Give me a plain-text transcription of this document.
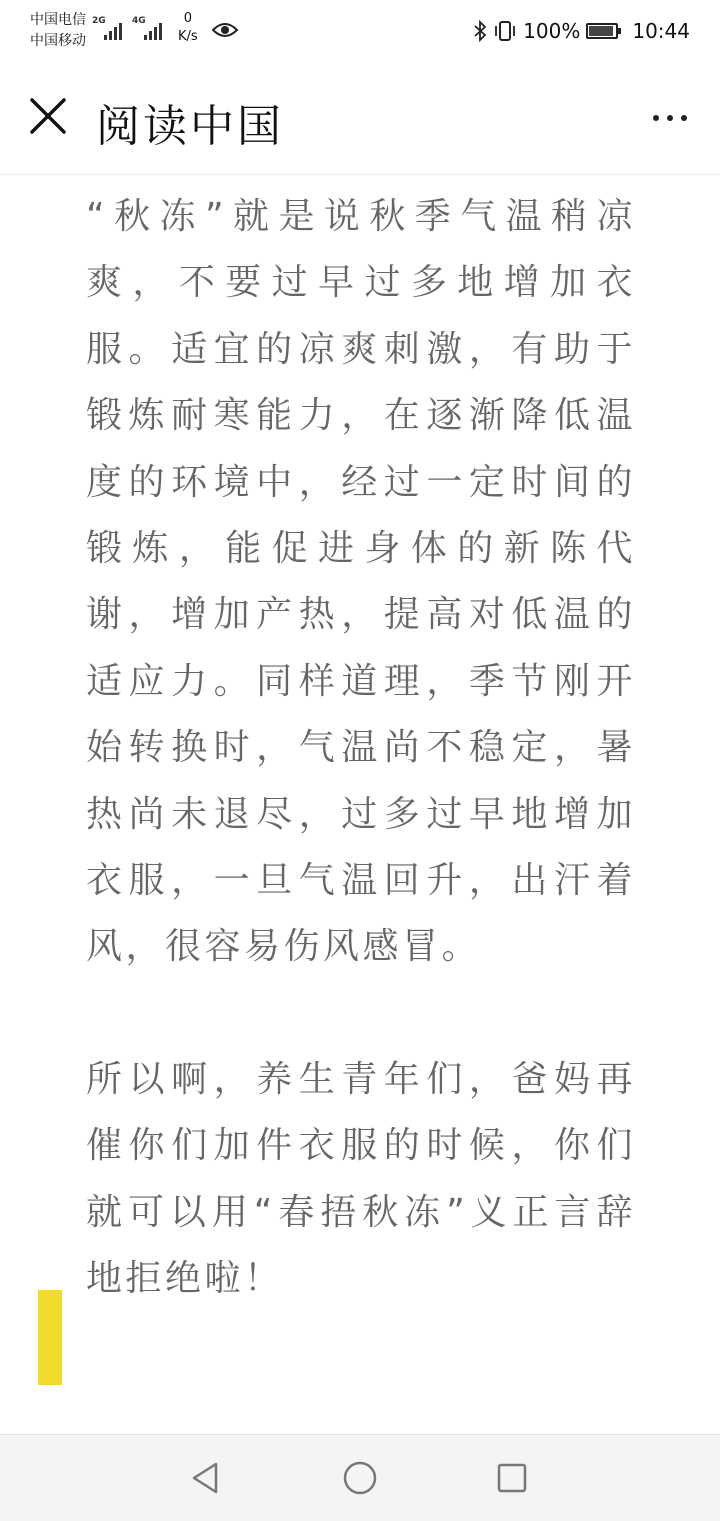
中国电信
中国移动
2G	4G	0
K/s	100%	10:44
阅读中国

“秋冻”就是说秋季气温稍凉爽，不要过早过多地增加衣服。适宜的凉爽刺激，有助于锻炼耐寒能力，在逐渐降低温度的环境中，经过一定时间的锻炼，能促进身体的新陈代谢，增加产热，提高对低温的适应力。同样道理，季节刚开始转换时，气温尚不稳定，暑热尚未退尽，过多过早地增加衣服，一旦气温回升，出汗着风，很容易伤风感冒。

所以啊，养生青年们，爸妈再催你们加件衣服的时候，你们就可以用“春捂秋冻”义正言辞地拒绝啦！
